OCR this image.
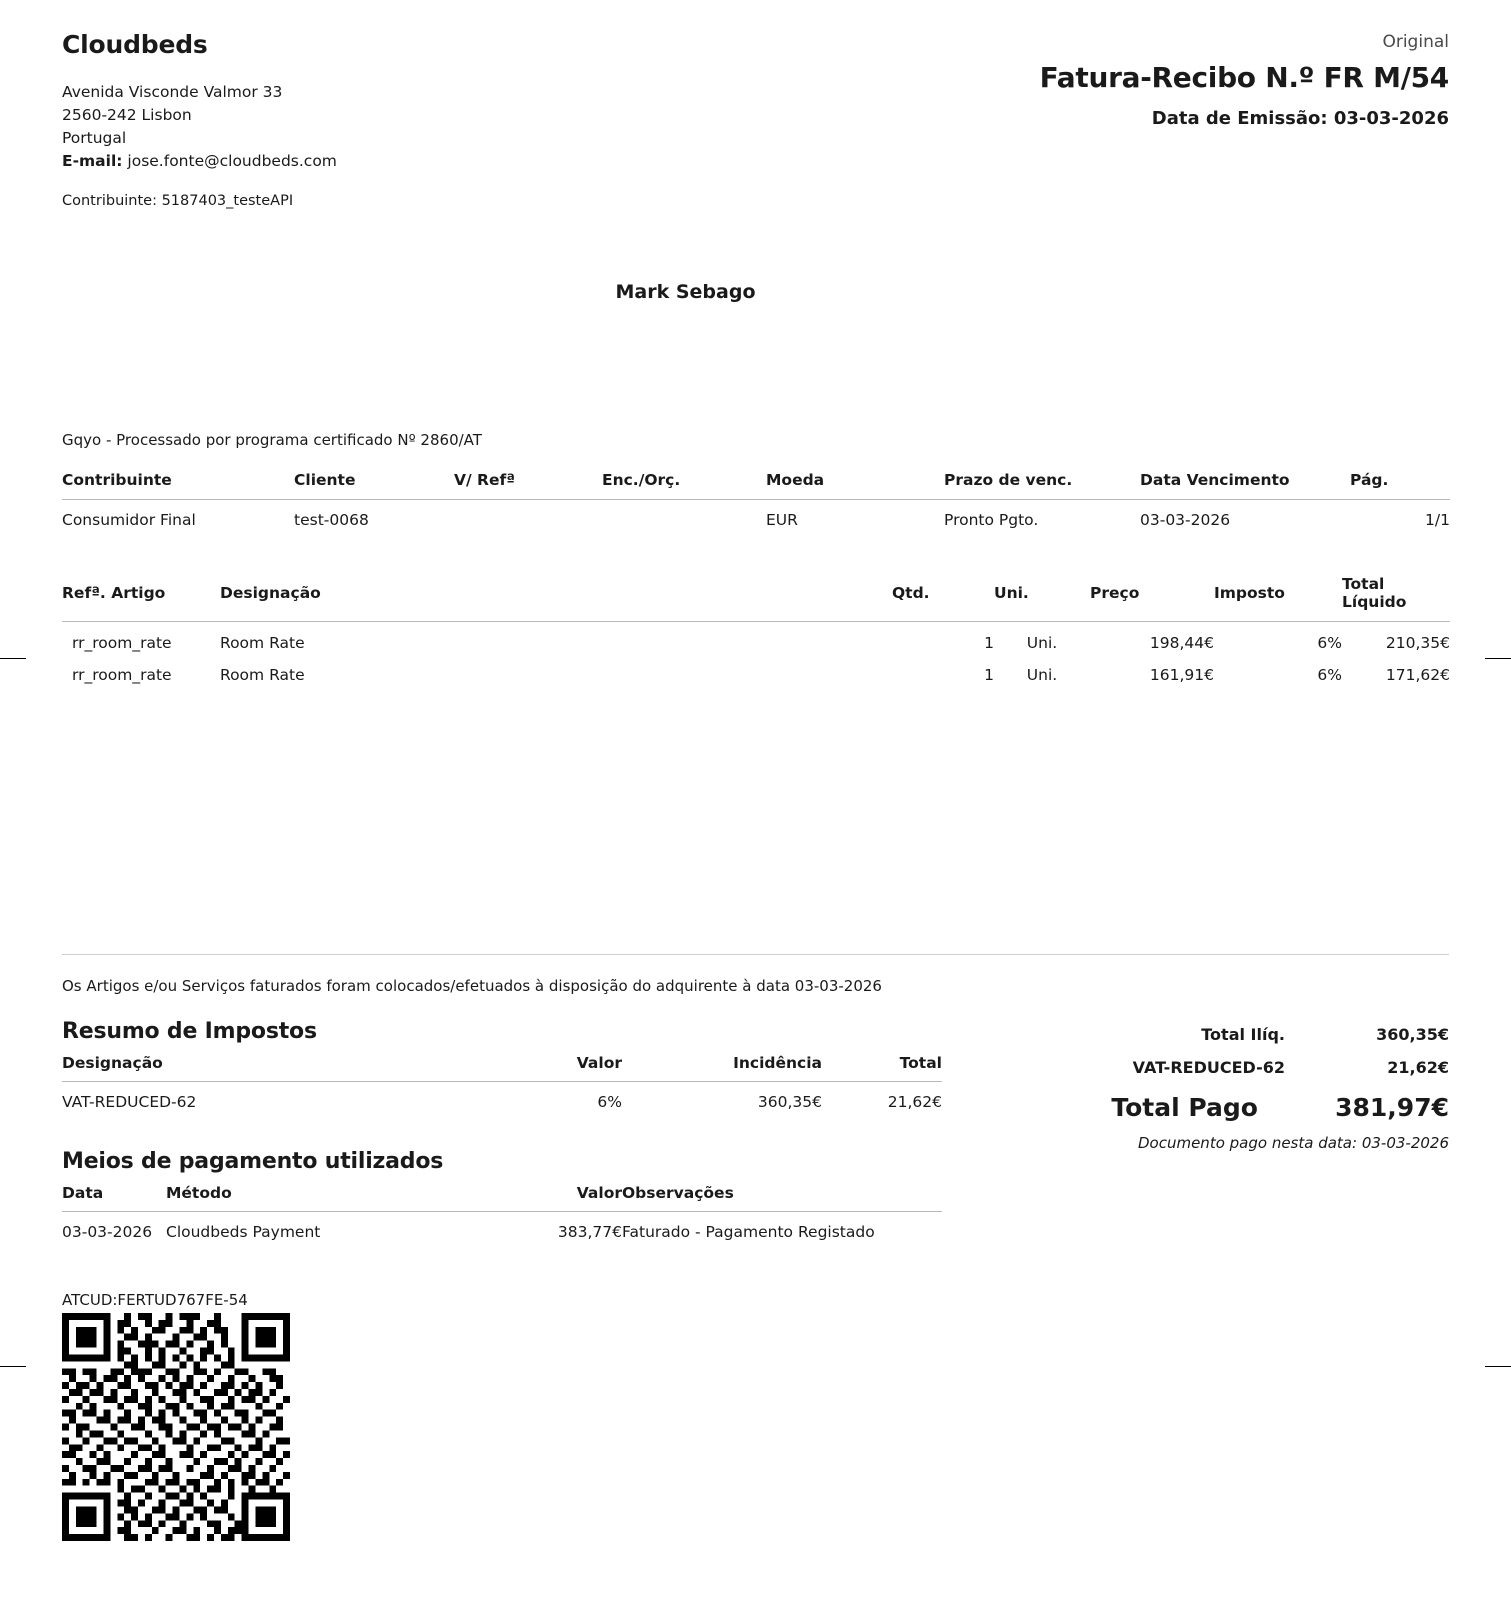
Cloudbeds
Avenida Visconde Valmor 33
2560-242 Lisbon
Portugal
E-mail: jose.fonte@cloudbeds.com
Contribuinte: 5187403_testeAPI
Original
Fatura-Recibo N.º FR M/54
Data de Emissão: 03-03-2026
Mark Sebago
Gqyo - Processado por programa certificado Nº 2860/AT
Contribuinte	Cliente	V/ Refª	Enc./Orç.	Moeda	Prazo de venc.	Data Vencimento	Pág.
Consumidor Final	test-0068			EUR	Pronto Pgto.	03-03-2026	1/1
Refª. Artigo	Designação	Qtd.	Uni.	Preço	Imposto	Total Líquido
rr_room_rate	Room Rate	1	Uni.	198,44€	6%	210,35€
rr_room_rate	Room Rate	1	Uni.	161,91€	6%	171,62€
Os Artigos e/ou Serviços faturados foram colocados/efetuados à disposição do adquirente à data 03-03-2026
Resumo de Impostos
Designação	Valor	Incidência	Total
VAT-REDUCED-62	6%	360,35€	21,62€
Meios de pagamento utilizados
Data	Método	Valor	Observações
03-03-2026	Cloudbeds Payment	383,77€	Faturado - Pagamento Registado
ATCUD:FERTUD767FE-54
Total Ilíq.	360,35€
VAT-REDUCED-62	21,62€
Total Pago	381,97€
Documento pago nesta data: 03-03-2026
